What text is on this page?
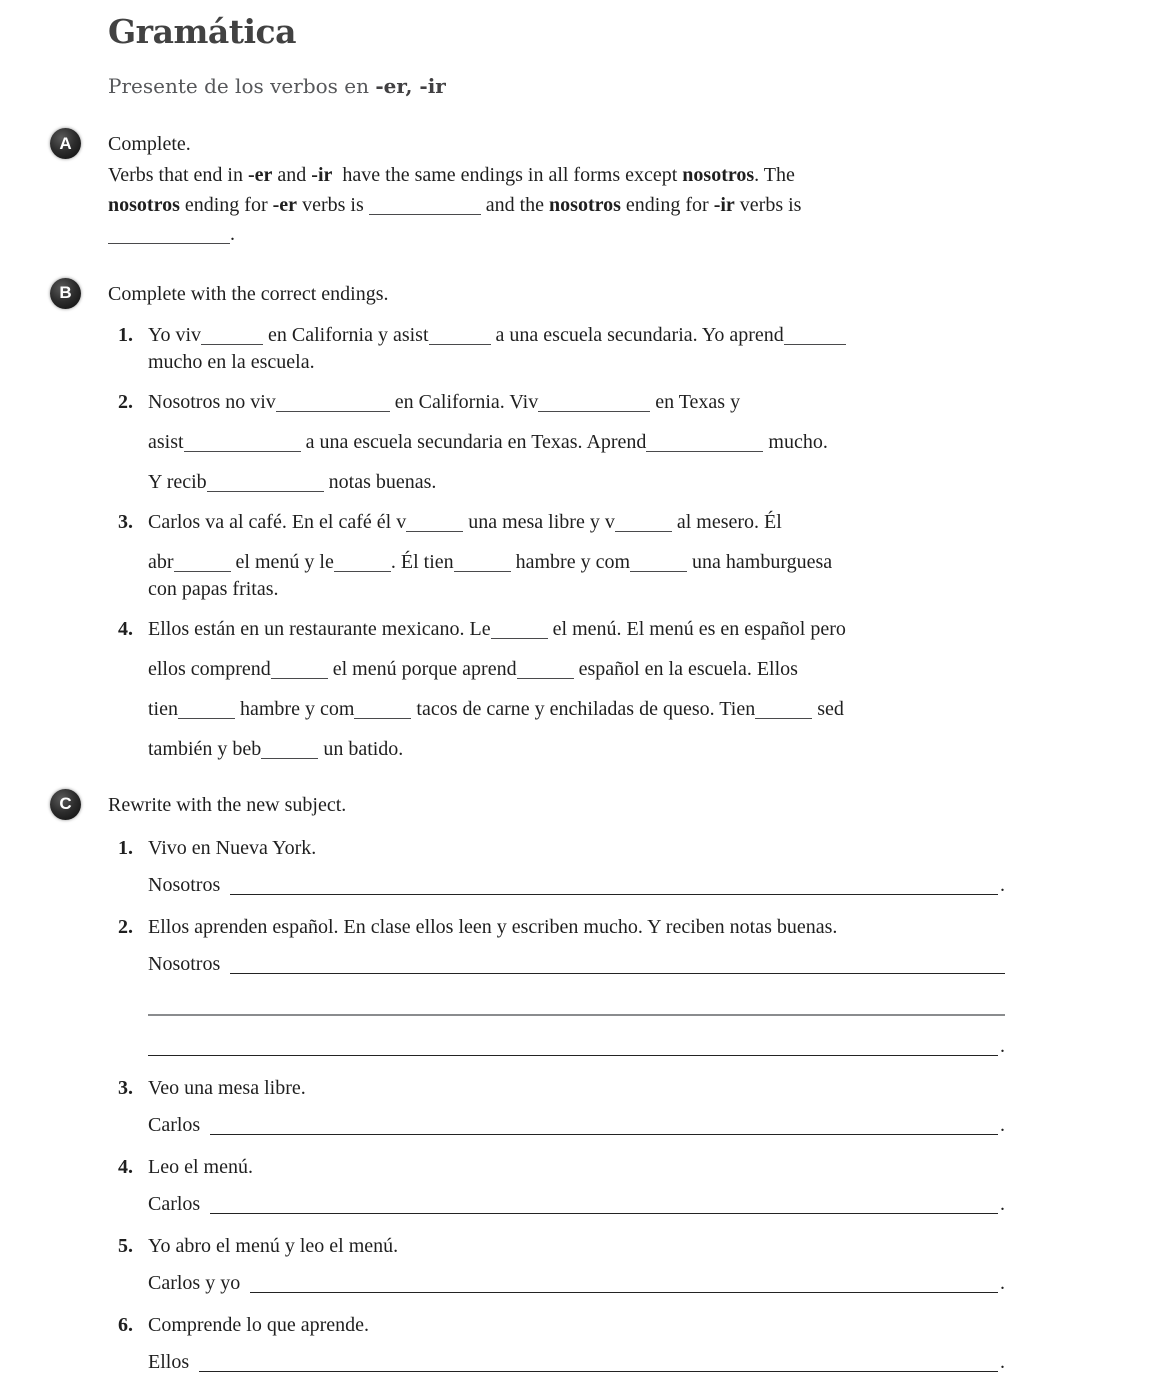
Gramática

Presente de los verbos en -er, -ir

A	Complete.

Verbs that end in -er and -ir  have the same endings in all forms except nosotros. The
nosotros ending for -er verbs is	and the nosotros ending for -ir verbs is
.
B	Complete with the correct endings.

1. Yo viv	en California y asist	a una escuela secundaria. Yo aprend
mucho en la escuela.
2. Nosotros no viv	en California. Viv	en Texas y
asist	a una escuela secundaria en Texas. Aprend	mucho.
Y recib	notas buenas.
3. Carlos va al café. En el café él v	una mesa libre y v	al mesero. Él
abr	el menú y le	. Él tien	hambre y com	una hamburguesa
con papas fritas.
4. Ellos están en un restaurante mexicano. Le	el menú. El menú es en español pero
ellos comprend	el menú porque aprend	español en la escuela. Ellos
tien	hambre y com	tacos de carne y enchiladas de queso. Tien	sed
también y beb	un batido.
C	Rewrite with the new subject.

1. Vivo en Nueva York.
Nosotros	.
2. Ellos aprenden español. En clase ellos leen y escriben mucho. Y reciben notas buenas.
Nosotros
.
3. Veo una mesa libre.
Carlos	.
4. Leo el menú.
Carlos	.
5. Yo abro el menú y leo el menú.
Carlos y yo	.
6. Comprende lo que aprende.
Ellos	.
